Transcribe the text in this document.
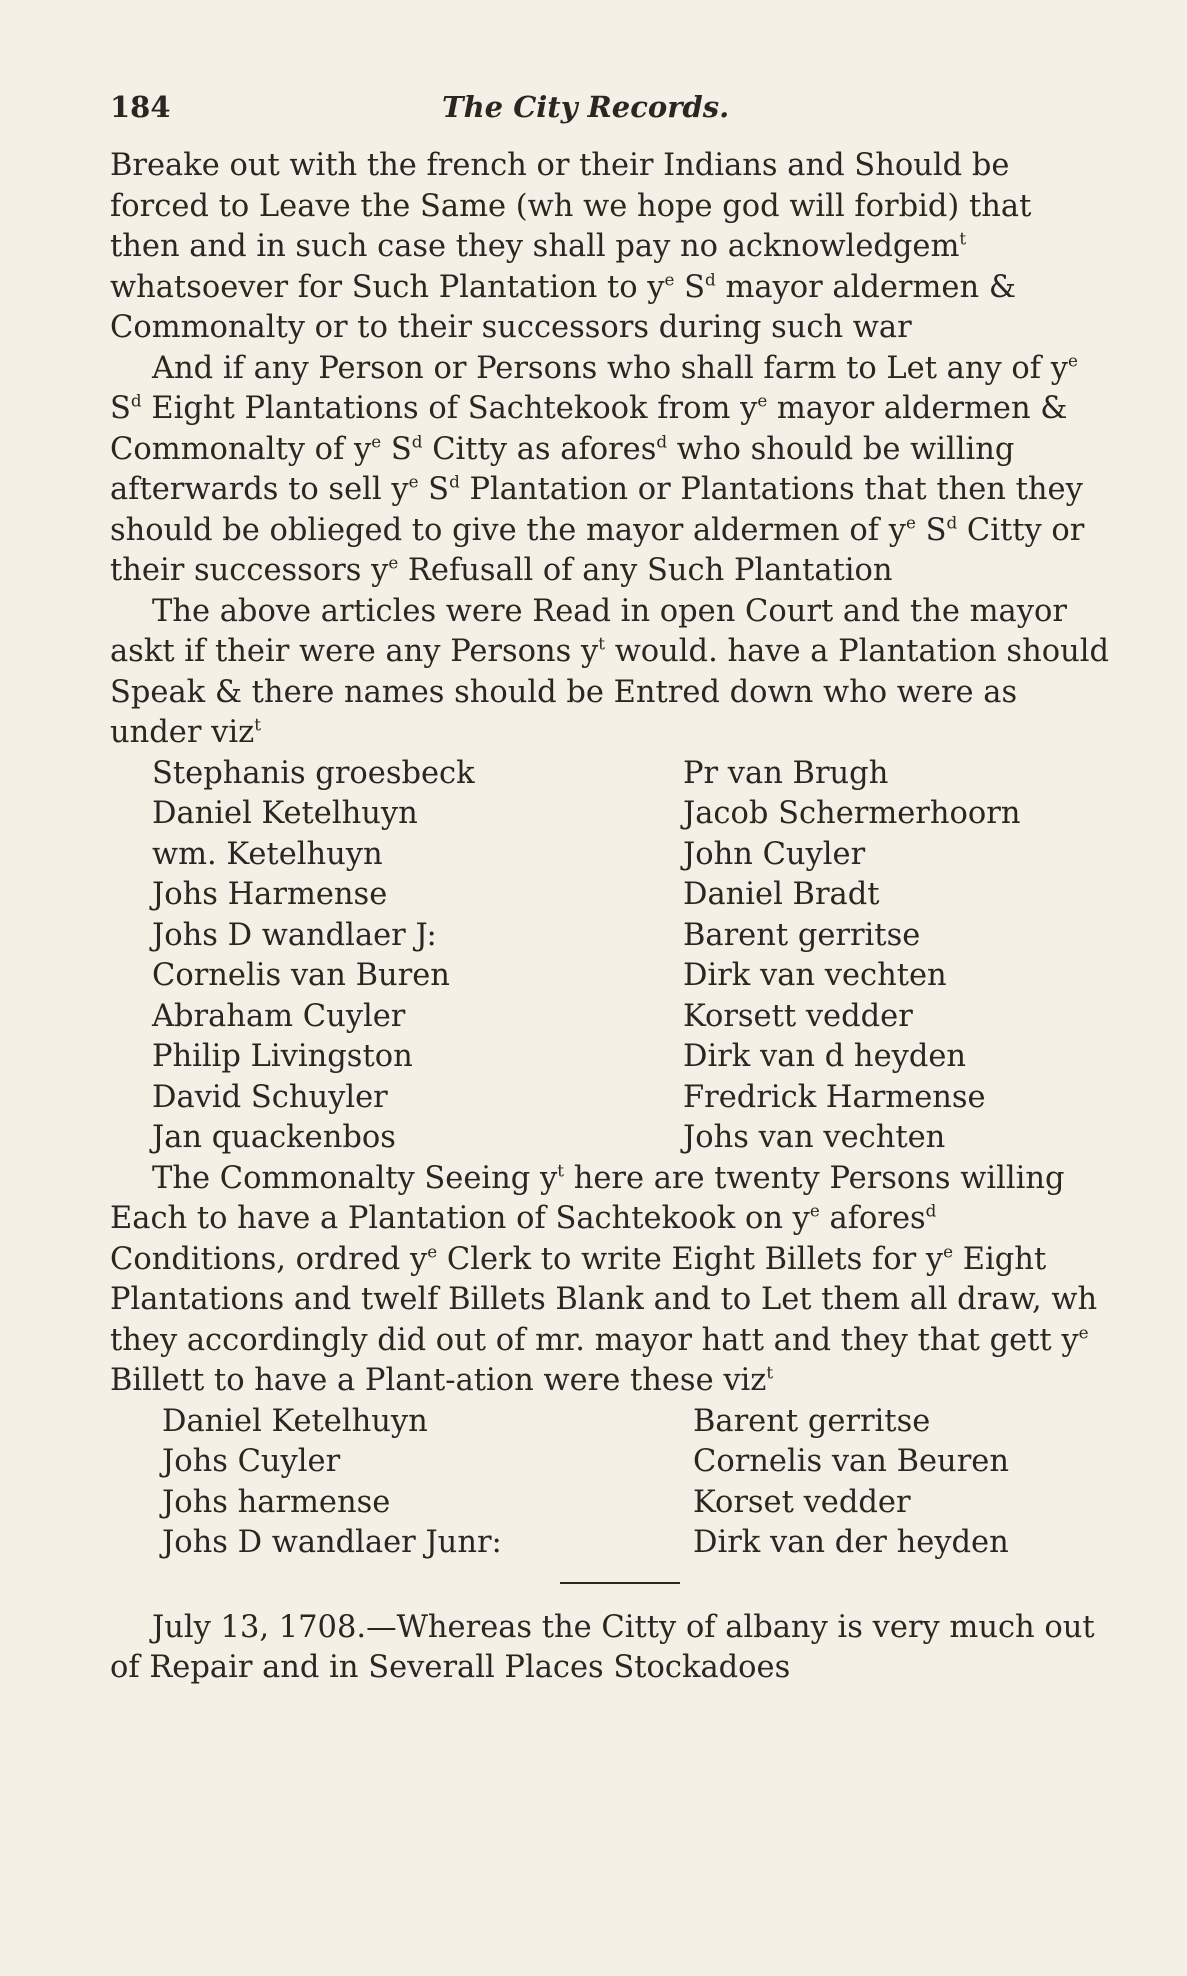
184	The City Records.

Breake out with the french or their Indians and Should be forced to Leave the Same (wh we hope god will forbid) that then and in such case they shall pay no acknowledgem$^t$ whatsoever for Such Plantation to $y^e$ $S^d$ mayor aldermen & Commonalty or to their successors during such war

And if any Person or Persons who shall farm to Let any of $y^e$ $S^d$ Eight Plantations of Sachtekook from $y^e$ mayor aldermen & Commonalty of $y^e$ $S^d$ Citty as afores$^d$ who should be willing afterwards to sell $y^e$ $S^d$ Plantation or Plantations that then they should be oblieged to give the mayor aldermen of $y^e$ $S^d$ Citty or their successors $y^e$ Refusall of any Such Plantation

The above articles were Read in open Court and the mayor askt if their were any Persons $y^t$ would. have a Plantation should Speak & there names should be Entred down who were as under viz$^t$

Stephanis groesbeck	Pr van Brugh
Daniel Ketelhuyn	Jacob Schermerhoorn
wm. Ketelhuyn	John Cuyler
Johs Harmense	Daniel Bradt
Johs D wandlaer J:	Barent gerritse
Cornelis van Buren	Dirk van vechten
Abraham Cuyler	Korsett vedder
Philip Livingston	Dirk van d heyden
David Schuyler	Fredrick Harmense
Jan quackenbos	Johs van vechten

The Commonalty Seeing $y^t$ here are twenty Persons willing Each to have a Plantation of Sachtekook on $y^e$ afores$^d$ Conditions, ordred $y^e$ Clerk to write Eight Billets for $y^e$ Eight Plantations and twelf Billets Blank and to Let them all draw, wh they accordingly did out of mr. mayor hatt and they that gett $y^e$ Billett to have a Plant-ation were these viz$^t$

Daniel Ketelhuyn	Barent gerritse
Johs Cuyler	Cornelis van Beuren
Johs harmense	Korset vedder
Johs D wandlaer Junr:	Dirk van der heyden

July 13, 1708.—Whereas the Citty of albany is very much out of Repair and in Severall Places Stockadoes
